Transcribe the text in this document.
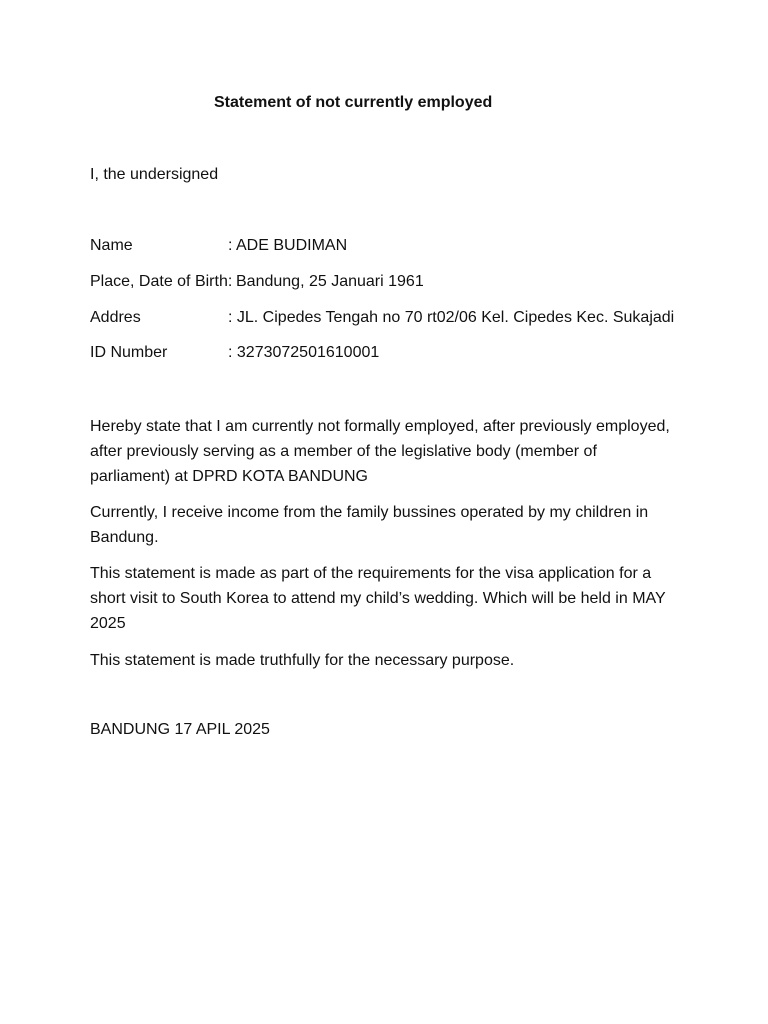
Statement of not currently employed
I, the undersigned
Name	: ADE BUDIMAN
Place, Date of Birth: Bandung, 25 Januari 1961
Addres	: JL. Cipedes Tengah no 70 rt02/06 Kel. Cipedes Kec. Sukajadi
ID Number	: 3273072501610001
Hereby state that I am currently not formally employed, after previously employed, after previously serving as a member of the legislative body (member of parliament) at DPRD KOTA BANDUNG
Currently, I receive income from the family bussines operated by my children in Bandung.
This statement is made as part of the requirements for the visa application for a short visit to South Korea to attend my child’s wedding. Which will be held in MAY 2025
This statement is made truthfully for the necessary purpose.
BANDUNG 17 APIL 2025
